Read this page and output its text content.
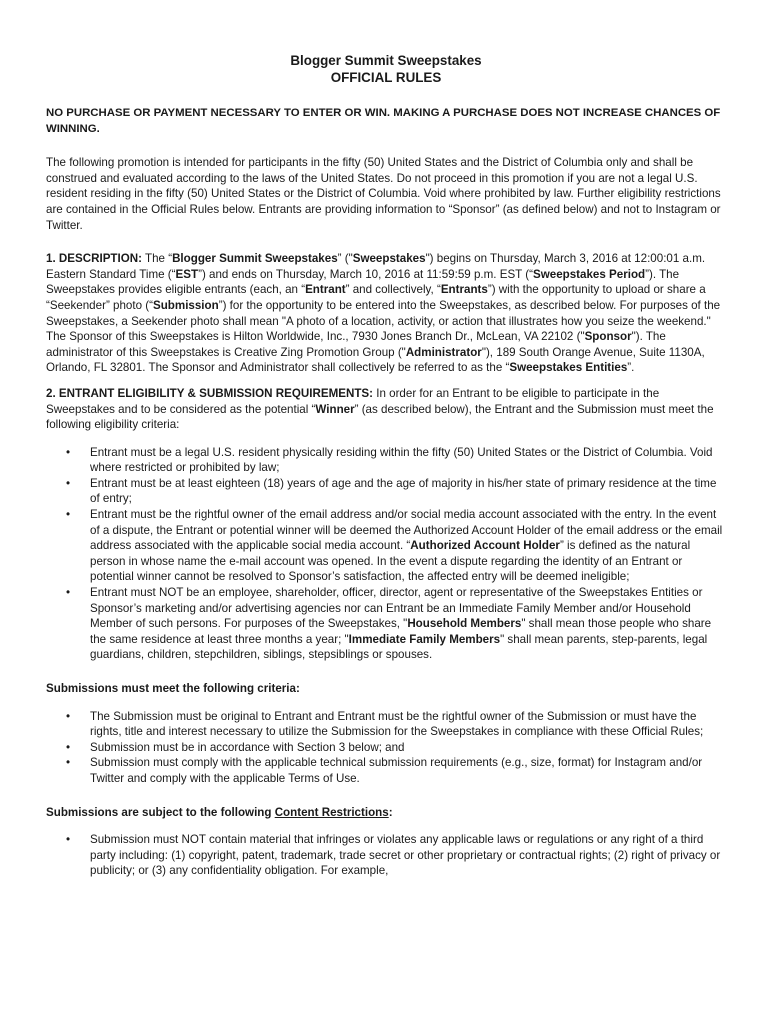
Blogger Summit Sweepstakes

OFFICIAL RULES

NO PURCHASE OR PAYMENT NECESSARY TO ENTER OR WIN. MAKING A PURCHASE DOES NOT INCREASE CHANCES OF WINNING.

The following promotion is intended for participants in the fifty (50) United States and the District of Columbia only and shall be construed and evaluated according to the laws of the United States. Do not proceed in this promotion if you are not a legal U.S. resident residing in the fifty (50) United States or the District of Columbia. Void where prohibited by law. Further eligibility restrictions are contained in the Official Rules below. Entrants are providing information to “Sponsor” (as defined below) and not to Instagram or Twitter.

1. DESCRIPTION: The “Blogger Summit Sweepstakes” ("Sweepstakes") begins on Thursday, March 3, 2016 at 12:00:01 a.m. Eastern Standard Time (“EST”) and ends on Thursday, March 10, 2016 at 11:59:59 p.m. EST (“Sweepstakes Period”). The Sweepstakes provides eligible entrants (each, an “Entrant” and collectively, “Entrants”) with the opportunity to upload or share a “Seekender” photo (“Submission”) for the opportunity to be entered into the Sweepstakes, as described below. For purposes of the Sweepstakes, a Seekender photo shall mean "A photo of a location, activity, or action that illustrates how you seize the weekend." The Sponsor of this Sweepstakes is Hilton Worldwide, Inc., 7930 Jones Branch Dr., McLean, VA 22102 ("Sponsor"). The administrator of this Sweepstakes is Creative Zing Promotion Group ("Administrator"), 189 South Orange Avenue, Suite 1130A, Orlando, FL 32801. The Sponsor and Administrator shall collectively be referred to as the “Sweepstakes Entities”.

2. ENTRANT ELIGIBILITY & SUBMISSION REQUIREMENTS: In order for an Entrant to be eligible to participate in the Sweepstakes and to be considered as the potential “Winner” (as described below), the Entrant and the Submission must meet the following eligibility criteria:

• Entrant must be a legal U.S. resident physically residing within the fifty (50) United States or the District of Columbia. Void where restricted or prohibited by law;
• Entrant must be at least eighteen (18) years of age and the age of majority in his/her state of primary residence at the time of entry;
• Entrant must be the rightful owner of the email address and/or social media account associated with the entry. In the event of a dispute, the Entrant or potential winner will be deemed the Authorized Account Holder of the email address or the email address associated with the applicable social media account. “Authorized Account Holder” is defined as the natural person in whose name the e-mail account was opened. In the event a dispute regarding the identity of an Entrant or potential winner cannot be resolved to Sponsor’s satisfaction, the affected entry will be deemed ineligible;
• Entrant must NOT be an employee, shareholder, officer, director, agent or representative of the Sweepstakes Entities or Sponsor’s marketing and/or advertising agencies nor can Entrant be an Immediate Family Member and/or Household Member of such persons. For purposes of the Sweepstakes, "Household Members" shall mean those people who share the same residence at least three months a year; "Immediate Family Members" shall mean parents, step-parents, legal guardians, children, stepchildren, siblings, stepsiblings or spouses.

Submissions must meet the following criteria:

• The Submission must be original to Entrant and Entrant must be the rightful owner of the Submission or must have the rights, title and interest necessary to utilize the Submission for the Sweepstakes in compliance with these Official Rules;
• Submission must be in accordance with Section 3 below; and
• Submission must comply with the applicable technical submission requirements (e.g., size, format) for Instagram and/or Twitter and comply with the applicable Terms of Use.

Submissions are subject to the following Content Restrictions:

• Submission must NOT contain material that infringes or violates any applicable laws or regulations or any right of a third party including: (1) copyright, patent, trademark, trade secret or other proprietary or contractual rights; (2) right of privacy or publicity; or (3) any confidentiality obligation. For example,
